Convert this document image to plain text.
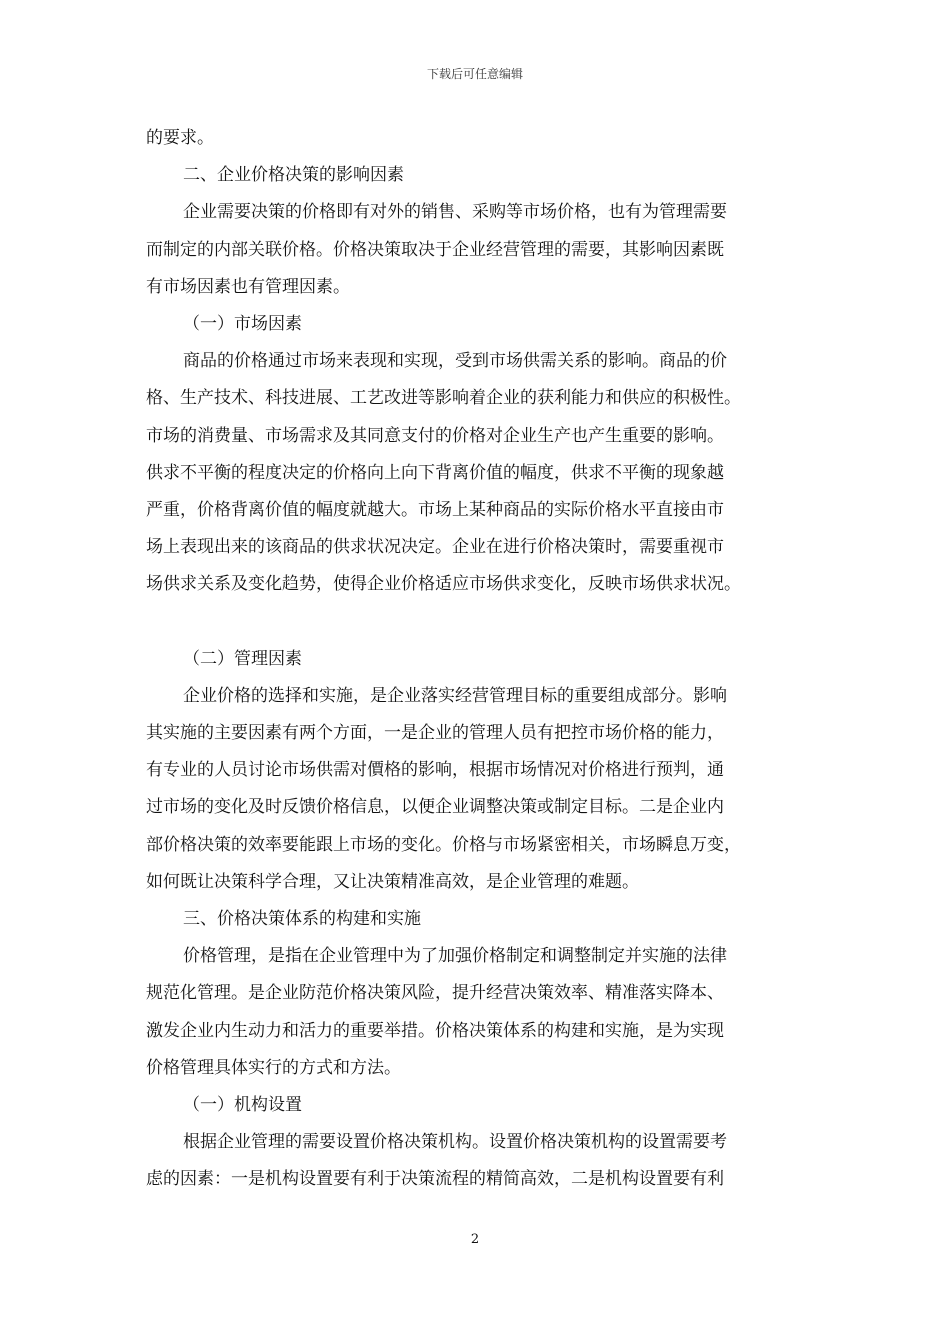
下载后可任意编辑
的要求。
二、企业价格决策的影响因素
企业需要决策的价格即有对外的销售、采购等市场价格，也有为管理需要
而制定的内部关联价格。价格决策取决于企业经营管理的需要，其影响因素既
有市场因素也有管理因素。
（一）市场因素
商品的价格通过市场来表现和实现，受到市场供需关系的影响。商品的价
格、生产技术、科技进展、工艺改进等影响着企业的获利能力和供应的积极性。
市场的消费量、市场需求及其同意支付的价格对企业生产也产生重要的影响。
供求不平衡的程度决定的价格向上向下背离价值的幅度，供求不平衡的现象越
严重，价格背离价值的幅度就越大。市场上某种商品的实际价格水平直接由市
场上表现出来的该商品的供求状况决定。企业在进行价格决策时，需要重视市
场供求关系及变化趋势，使得企业价格适应市场供求变化，反映市场供求状况。
（二）管理因素
企业价格的选择和实施，是企业落实经营管理目标的重要组成部分。影响
其实施的主要因素有两个方面，一是企业的管理人员有把控市场价格的能力，
有专业的人员讨论市场供需对價格的影响，根据市场情况对价格进行预判，通
过市场的变化及时反馈价格信息，以便企业调整决策或制定目标。二是企业内
部价格决策的效率要能跟上市场的变化。价格与市场紧密相关，市场瞬息万变，
如何既让决策科学合理，又让决策精准高效，是企业管理的难题。
三、价格决策体系的构建和实施
价格管理，是指在企业管理中为了加强价格制定和调整制定并实施的法律
规范化管理。是企业防范价格决策风险，提升经营决策效率、精准落实降本、
激发企业内生动力和活力的重要举措。价格决策体系的构建和实施，是为实现
价格管理具体实行的方式和方法。
（一）机构设置
根据企业管理的需要设置价格决策机构。设置价格决策机构的设置需要考
虑的因素：一是机构设置要有利于决策流程的精简高效，二是机构设置要有利
2
